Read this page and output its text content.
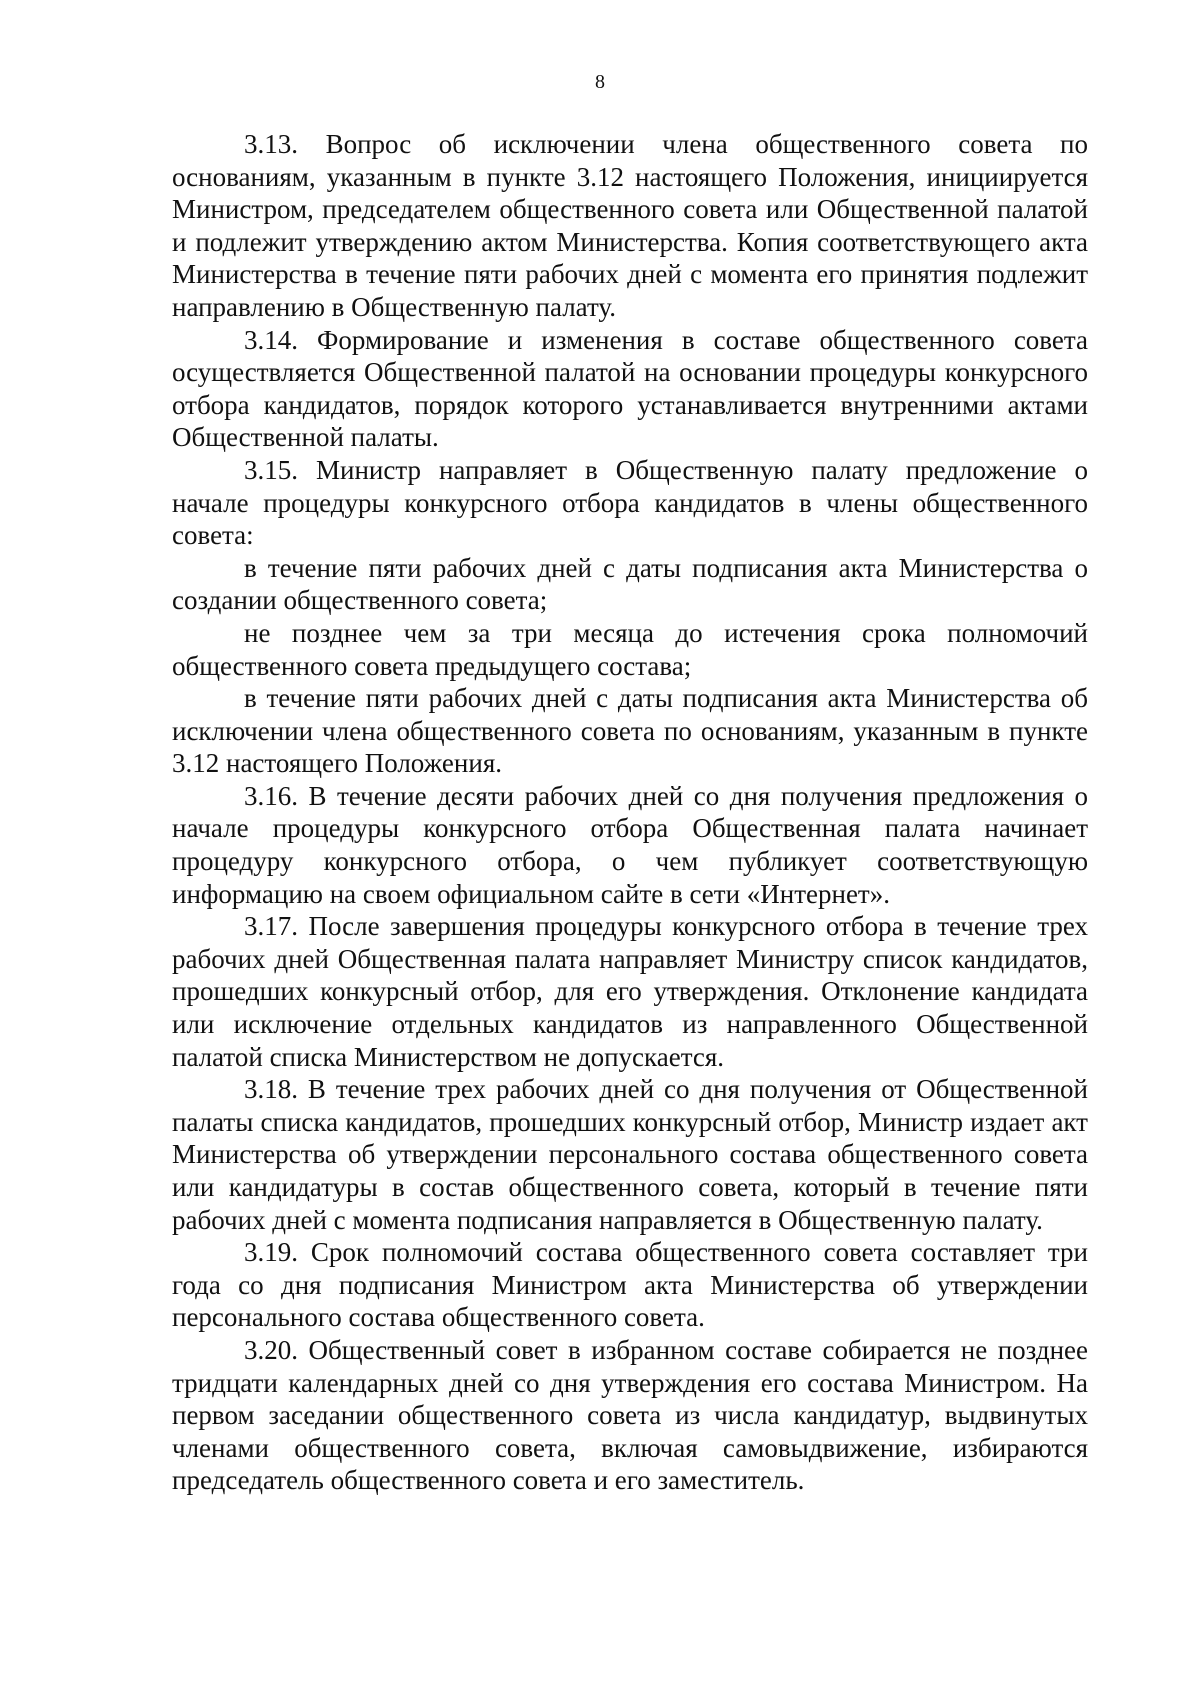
8

3.13. Вопрос об исключении члена общественного совета по основаниям, указанным в пункте 3.12 настоящего Положения, инициируется Министром, председателем общественного совета или Общественной палатой и подлежит утверждению актом Министерства. Копия соответствующего акта Министерства в течение пяти рабочих дней с момента его принятия подлежит направлению в Общественную палату.

3.14. Формирование и изменения в составе общественного совета осуществляется Общественной палатой на основании процедуры конкурсного отбора кандидатов, порядок которого устанавливается внутренними актами Общественной палаты.

3.15. Министр направляет в Общественную палату предложение о начале процедуры конкурсного отбора кандидатов в члены общественного совета:

в течение пяти рабочих дней с даты подписания акта Министерства о создании общественного совета;

не позднее чем за три месяца до истечения срока полномочий общественного совета предыдущего состава;

в течение пяти рабочих дней с даты подписания акта Министерства об исключении члена общественного совета по основаниям, указанным в пункте 3.12 настоящего Положения.

3.16. В течение десяти рабочих дней со дня получения предложения о начале процедуры конкурсного отбора Общественная палата начинает процедуру конкурсного отбора, о чем публикует соответствующую информацию на своем официальном сайте в сети «Интернет».

3.17. После завершения процедуры конкурсного отбора в течение трех рабочих дней Общественная палата направляет Министру список кандидатов, прошедших конкурсный отбор, для его утверждения. Отклонение кандидата или исключение отдельных кандидатов из направленного Общественной палатой списка Министерством не допускается.

3.18. В течение трех рабочих дней со дня получения от Общественной палаты списка кандидатов, прошедших конкурсный отбор, Министр издает акт Министерства об утверждении персонального состава общественного совета или кандидатуры в состав общественного совета, который в течение пяти рабочих дней с момента подписания направляется в Общественную палату.

3.19. Срок полномочий состава общественного совета составляет три года со дня подписания Министром акта Министерства об утверждении персонального состава общественного совета.

3.20. Общественный совет в избранном составе собирается не позднее тридцати календарных дней со дня утверждения его состава Министром. На первом заседании общественного совета из числа кандидатур, выдвинутых членами общественного совета, включая самовыдвижение, избираются председатель общественного совета и его заместитель.
